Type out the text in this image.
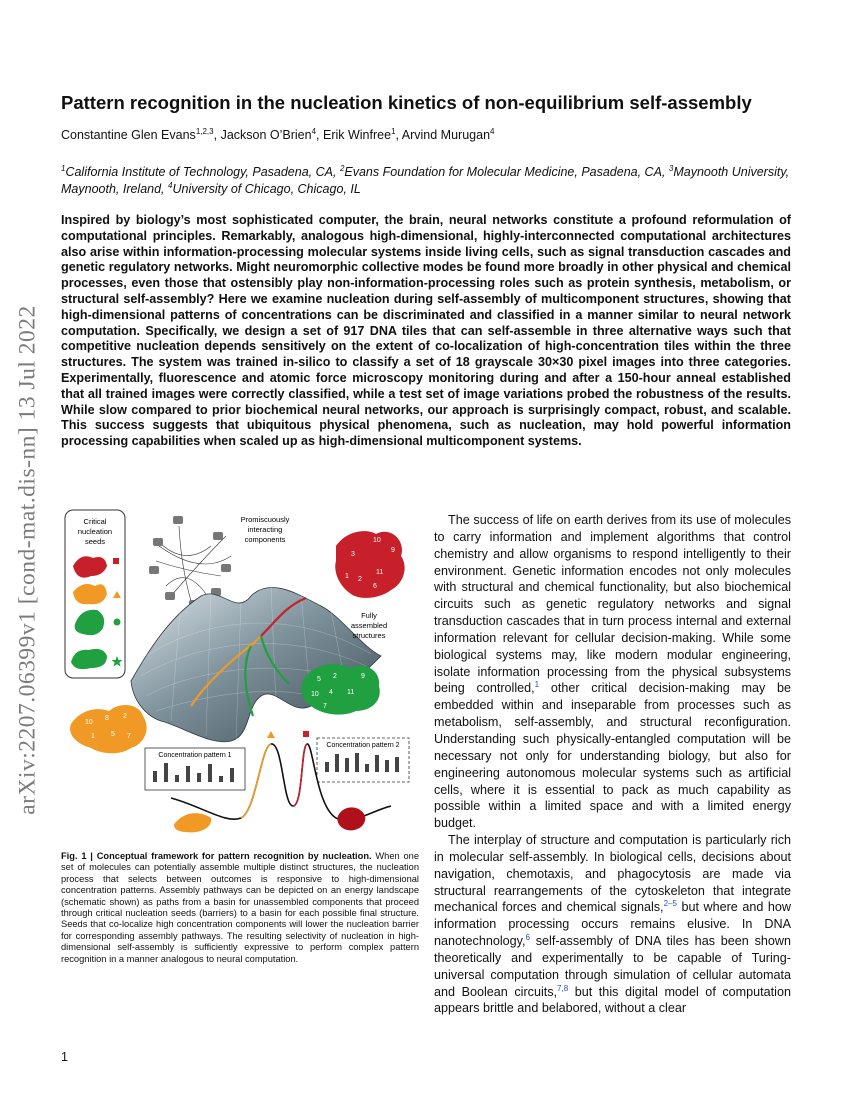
arXiv:2207.06399v1 [cond-mat.dis-nn] 13 Jul 2022
Pattern recognition in the nucleation kinetics of non-equilibrium self-assembly
Constantine Glen Evans$^{1,2,3}$, Jackson O’Brien$^4$, Erik Winfree$^1$, Arvind Murugan$^4$
$^1$California Institute of Technology, Pasadena, CA, $^2$Evans Foundation for Molecular Medicine, Pasadena, CA, $^3$Maynooth University, Maynooth, Ireland, $^4$University of Chicago, Chicago, IL
Inspired by biology’s most sophisticated computer, the brain, neural networks constitute a profound reformulation of computational principles. Remarkably, analogous high-dimensional, highly-interconnected computational architectures also arise within information-processing molecular systems inside living cells, such as signal transduction cascades and genetic regulatory networks. Might neuromorphic collective modes be found more broadly in other physical and chemical processes, even those that ostensibly play non-information-processing roles such as protein synthesis, metabolism, or structural self-assembly? Here we examine nucleation during self-assembly of multicomponent structures, showing that high-dimensional patterns of concentrations can be discriminated and classified in a manner similar to neural network computation. Specifically, we design a set of 917 DNA tiles that can self-assemble in three alternative ways such that competitive nucleation depends sensitively on the extent of co-localization of high-concentration tiles within the three structures. The system was trained in-silico to classify a set of 18 grayscale 30×30 pixel images into three categories. Experimentally, fluorescence and atomic force microscopy monitoring during and after a 150-hour anneal established that all trained images were correctly classified, while a test set of image variations probed the robustness of the results. While slow compared to prior biochemical neural networks, our approach is surprisingly compact, robust, and scalable. This success suggests that ubiquitous physical phenomena, such as nucleation, may hold powerful information processing capabilities when scaled up as high-dimensional multicomponent systems.
Critical nucleation seeds
Promiscuously interacting components
3
10
9
1 2
11
6
Fully assembled structures
5 2	9
10 4 11
7
10
8 2
1 5 7
Concentration pattern 1
Concentration pattern 2
Fig. 1 | Conceptual framework for pattern recognition by nucleation. When one set of molecules can potentially assemble multiple distinct structures, the nucleation process that selects between outcomes is responsive to high-dimensional concentration patterns. Assembly pathways can be depicted on an energy landscape (schematic shown) as paths from a basin for unassembled components that proceed through critical nucleation seeds (barriers) to a basin for each possible final structure. Seeds that co-localize high concentration components will lower the nucleation barrier for corresponding assembly pathways. The resulting selectivity of nucleation in high-dimensional self-assembly is sufficiently expressive to perform complex pattern recognition in a manner analogous to neural computation.

The success of life on earth derives from its use of molecules to carry information and implement algorithms that control chemistry and allow organisms to respond intelligently to their environment. Genetic information encodes not only molecules with structural and chemical functionality, but also biochemical circuits such as genetic regulatory networks and signal transduction cascades that in turn process internal and external information relevant for cellular decision-making. While some biological systems may, like modern modular engineering, isolate information processing from the physical subsystems being controlled,$^1$ other critical decision-making may be embedded within and inseparable from processes such as metabolism, self-assembly, and structural reconfiguration. Understanding such physically-entangled computation will be necessary not only for understanding biology, but also for engineering autonomous molecular systems such as artificial cells, where it is essential to pack as much capability as possible within a limited space and with a limited energy budget.

The interplay of structure and computation is particularly rich in molecular self-assembly. In biological cells, decisions about navigation, chemotaxis, and phagocytosis are made via structural rearrangements of the cytoskeleton that integrate mechanical forces and chemical signals,$^{2-5}$ but where and how information processing occurs remains elusive. In DNA nanotechnology,$^6$ self-assembly of DNA tiles has been shown theoretically and experimentally to be capable of Turing-universal computation through simulation of cellular automata and Boolean circuits,$^{7,8}$ but this digital model of computation appears brittle and belabored, without a clear

1
